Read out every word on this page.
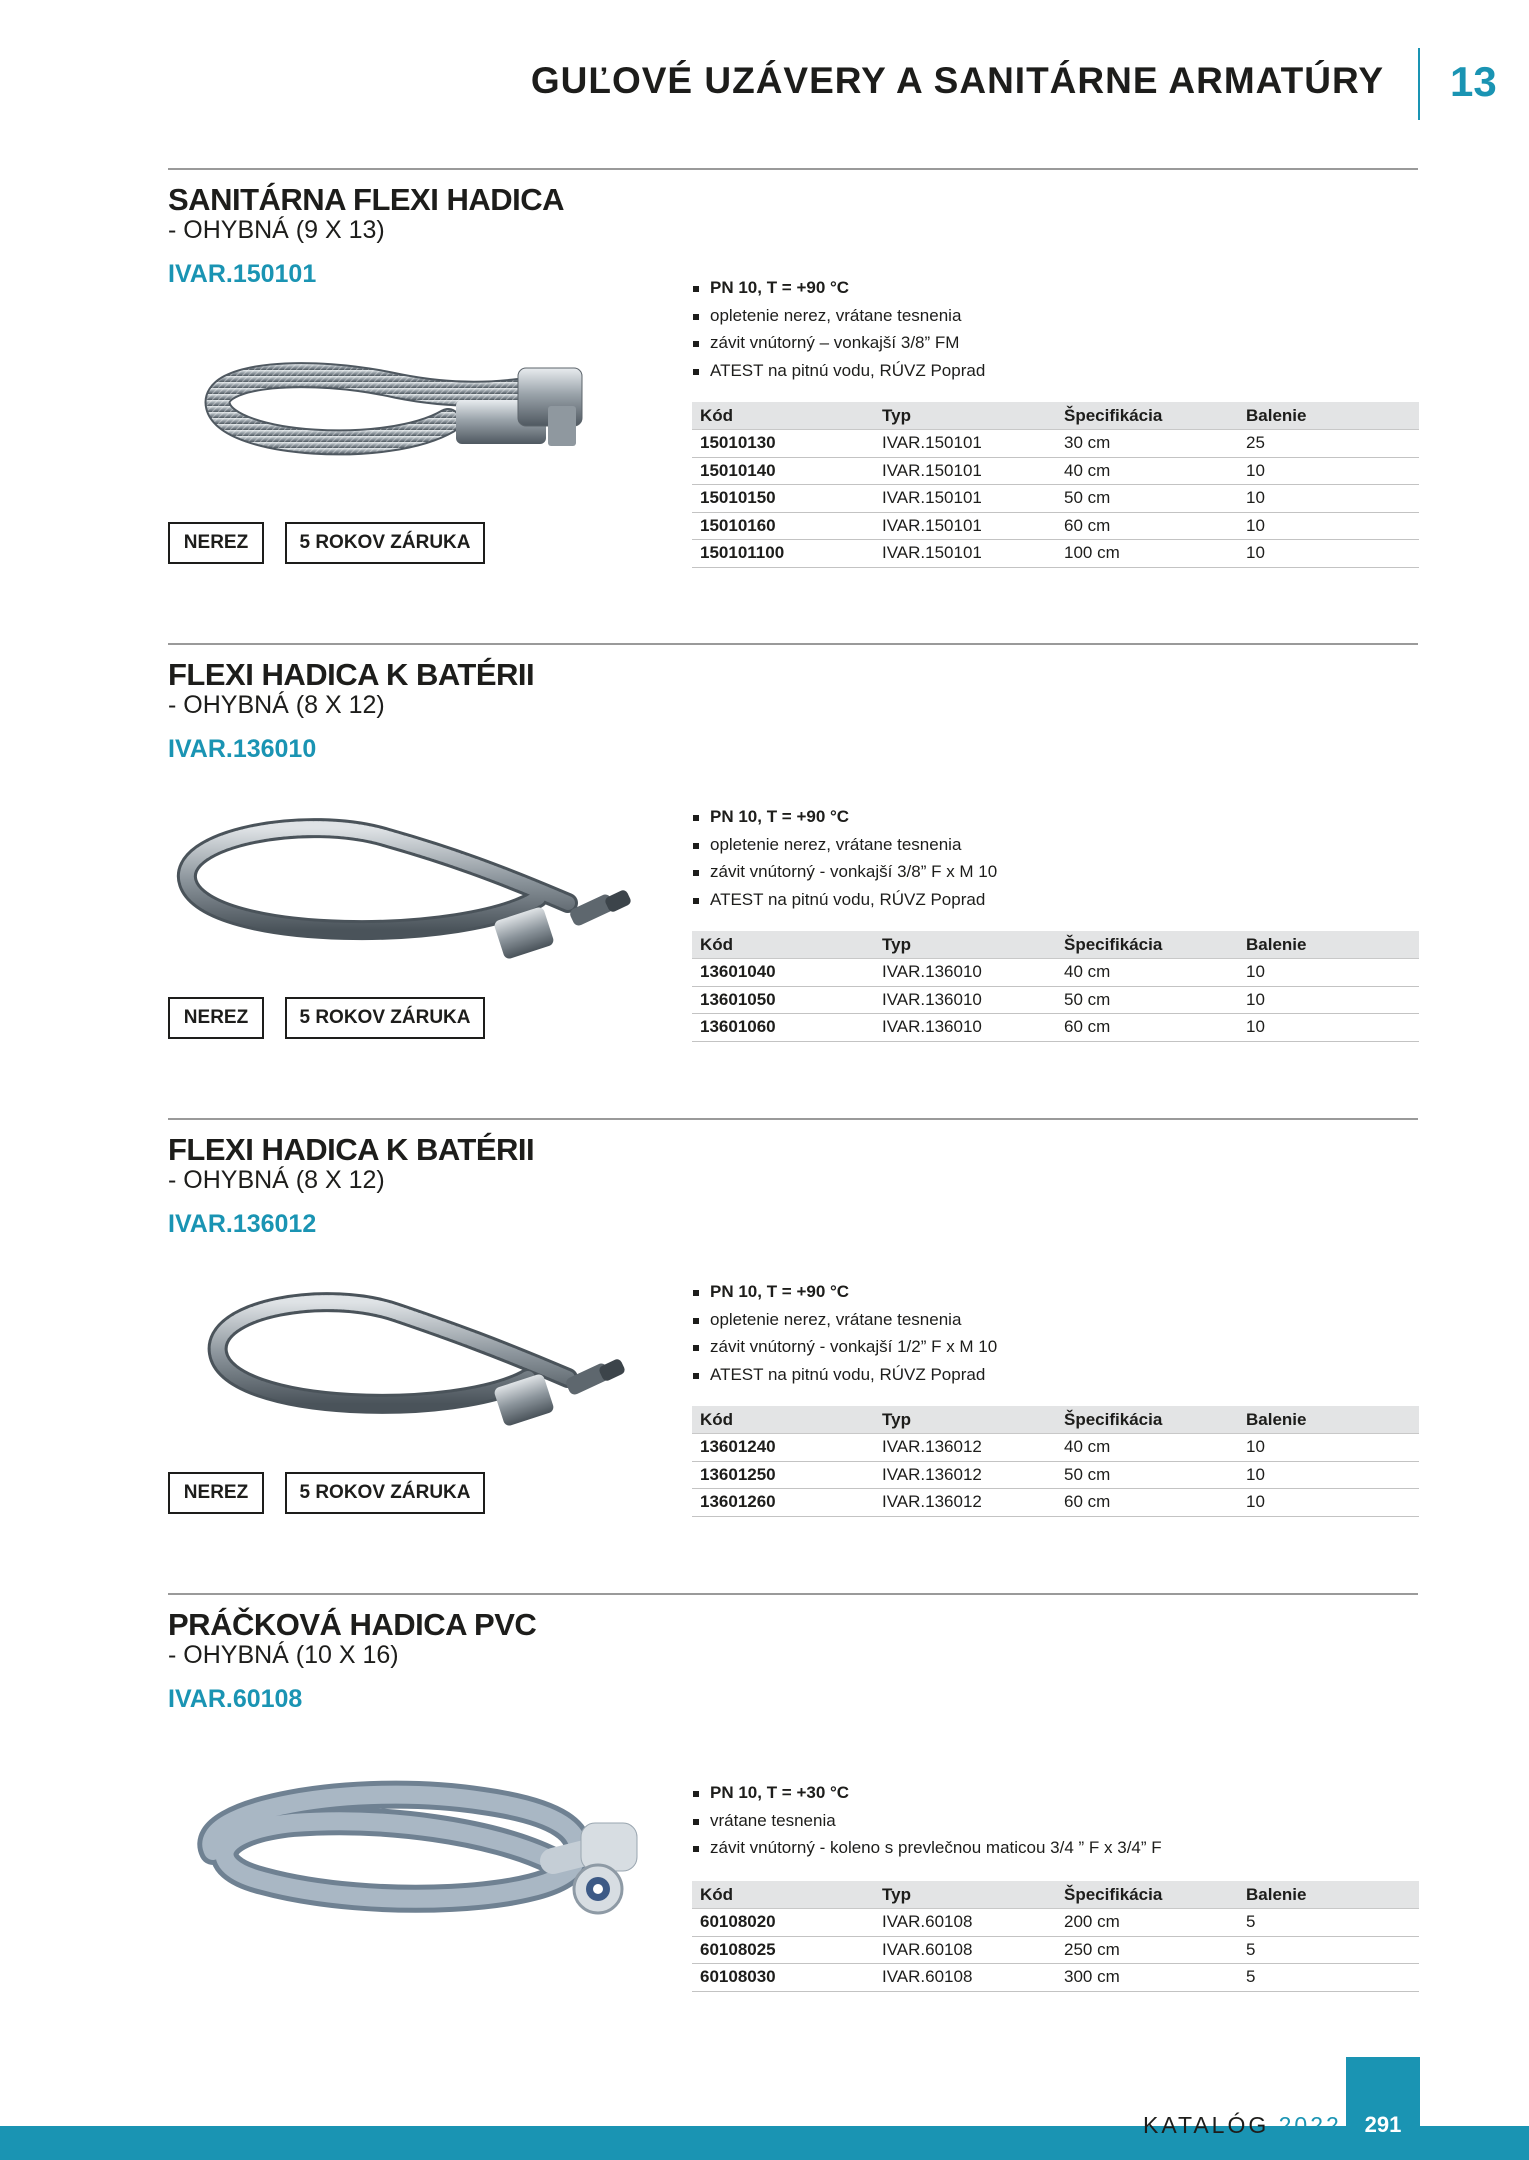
GUĽOVÉ UZÁVERY A SANITÁRNE ARMATÚRY 13
SANITÁRNA FLEXI HADICA
- OHYBNÁ (9 X 13)
IVAR.150101
NEREZ	5 ROKOV ZÁRUKA
PN 10, T = +90 °C
opletenie nerez, vrátane tesnenia
závit vnútorný – vonkajší 3/8” FM
ATEST na pitnú vodu, RÚVZ Poprad
Kód	Typ	Špecifikácia	Balenie
15010130	IVAR.150101	30 cm	25
15010140	IVAR.150101	40 cm	10
15010150	IVAR.150101	50 cm	10
15010160	IVAR.150101	60 cm	10
150101100	IVAR.150101	100 cm	10
FLEXI HADICA K BATÉRII
- OHYBNÁ (8 X 12)
IVAR.136010
NEREZ	5 ROKOV ZÁRUKA
PN 10, T = +90 °C
opletenie nerez, vrátane tesnenia
závit vnútorný - vonkajší 3/8” F x M 10
ATEST na pitnú vodu, RÚVZ Poprad
Kód	Typ	Špecifikácia	Balenie
13601040	IVAR.136010	40 cm	10
13601050	IVAR.136010	50 cm	10
13601060	IVAR.136010	60 cm	10
FLEXI HADICA K BATÉRII
- OHYBNÁ (8 X 12)
IVAR.136012
NEREZ	5 ROKOV ZÁRUKA
PN 10, T = +90 °C
opletenie nerez, vrátane tesnenia
závit vnútorný - vonkajší 1/2” F x M 10
ATEST na pitnú vodu, RÚVZ Poprad
Kód	Typ	Špecifikácia	Balenie
13601240	IVAR.136012	40 cm	10
13601250	IVAR.136012	50 cm	10
13601260	IVAR.136012	60 cm	10
PRÁČKOVÁ HADICA PVC
- OHYBNÁ (10 X 16)
IVAR.60108
PN 10, T = +30 °C
vrátane tesnenia
závit vnútorný - koleno s prevlečnou maticou 3/4 ” F x 3/4” F
Kód	Typ	Špecifikácia	Balenie
60108020	IVAR.60108	200 cm	5
60108025	IVAR.60108	250 cm	5
60108030	IVAR.60108	300 cm	5
KATALÓG 2022	291
